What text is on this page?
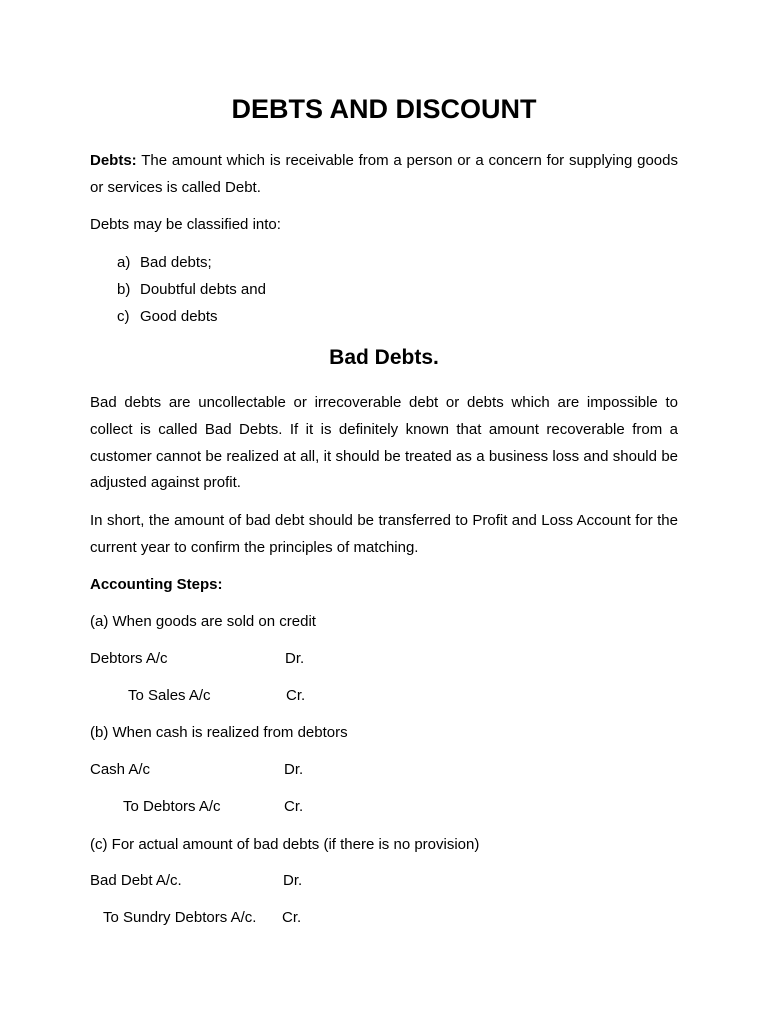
DEBTS AND DISCOUNT

Debts: The amount which is receivable from a person or a concern for supplying goods or services is called Debt.

Debts may be classified into:

a) Bad debts;

b) Doubtful debts and

c) Good debts

Bad Debts.

Bad debts are uncollectable or irrecoverable debt or debts which are impossible to collect is called Bad Debts. If it is definitely known that amount recoverable from a customer cannot be realized at all, it should be treated as a business loss and should be adjusted against profit.

In short, the amount of bad debt should be transferred to Profit and Loss Account for the current year to confirm the principles of matching.

Accounting Steps:

(a) When goods are sold on credit

Debtors A/c	Dr.

To Sales A/c	Cr.

(b) When cash is realized from debtors

Cash A/c	Dr.

To Debtors A/c	Cr.

(c) For actual amount of bad debts (if there is no provision)

Bad Debt A/c.	Dr.

To Sundry Debtors A/c. Cr.
